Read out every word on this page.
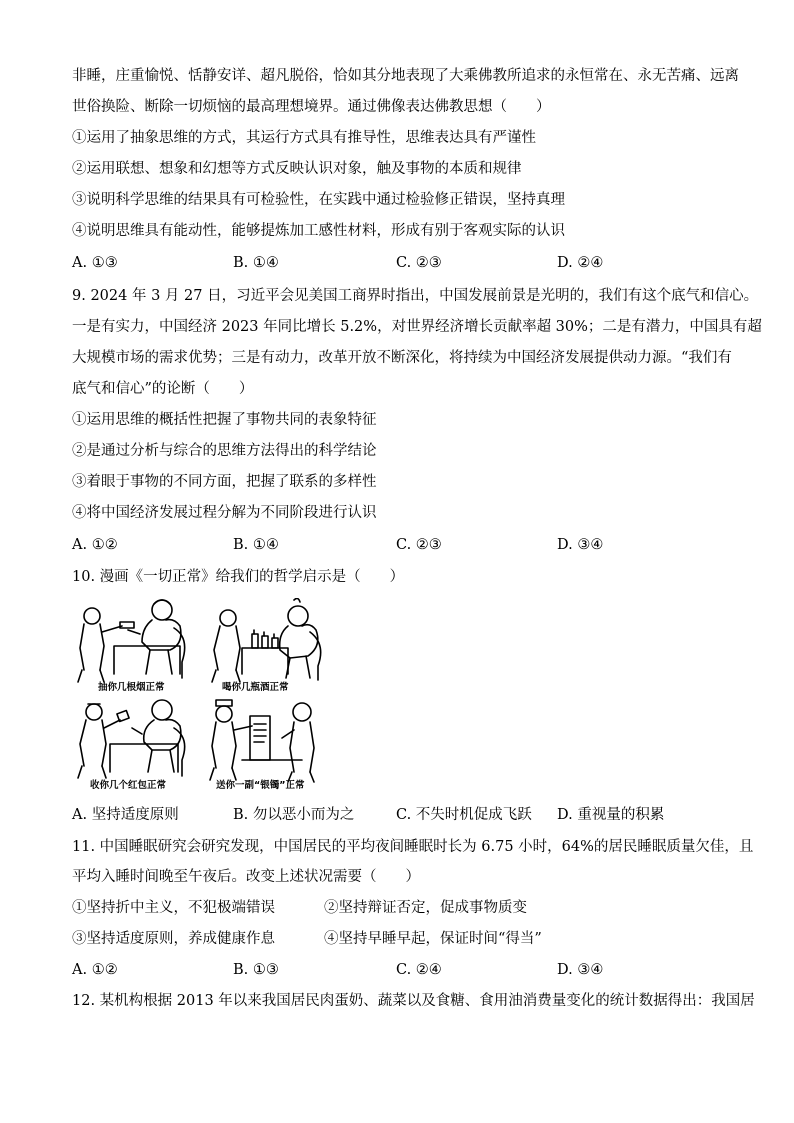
非睡，庄重愉悦、恬静安详、超凡脱俗，恰如其分地表现了大乘佛教所追求的永恒常在、永无苦痛、远离
世俗换险、断除一切烦恼的最高理想境界。通过佛像表达佛教思想（　　）
①运用了抽象思维的方式，其运行方式具有推导性，思维表达具有严谨性
②运用联想、想象和幻想等方式反映认识对象，触及事物的本质和规律
③说明科学思维的结果具有可检验性，在实践中通过检验修正错误，坚持真理
④说明思维具有能动性，能够提炼加工感性材料，形成有别于客观实际的认识
A. ①③	B. ①④	C. ②③	D. ②④
9. 2024 年 3 月 27 日，习近平会见美国工商界时指出，中国发展前景是光明的，我们有这个底气和信心。
一是有实力，中国经济 2023 年同比增长 5.2%，对世界经济增长贡献率超 30%；二是有潜力，中国具有超
大规模市场的需求优势；三是有动力，改革开放不断深化，将持续为中国经济发展提供动力源。“我们有
底气和信心”的论断（　　）
①运用思维的概括性把握了事物共同的表象特征
②是通过分析与综合的思维方法得出的科学结论
③着眼于事物的不同方面，把握了联系的多样性
④将中国经济发展过程分解为不同阶段进行认识
A. ①②	B. ①④	C. ②③	D. ③④
10. 漫画《一切正常》给我们的哲学启示是（　　）
抽你几根烟正常	喝你几瓶酒正常
收你几个红包正常	送你一副“银镯”正常
A. 坚持适度原则	B. 勿以恶小而为之	C. 不失时机促成飞跃 D. 重视量的积累
11. 中国睡眠研究会研究发现，中国居民的平均夜间睡眠时长为 6.75 小时，64%的居民睡眠质量欠佳，且
平均入睡时间晚至午夜后。改变上述状况需要（　　）
①坚持折中主义，不犯极端错误	②坚持辩证否定，促成事物质变
③坚持适度原则，养成健康作息	④坚持早睡早起，保证时间“得当”
A. ①②	B. ①③	C. ②④	D. ③④
12. 某机构根据 2013 年以来我国居民肉蛋奶、蔬菜以及食糖、食用油消费量变化的统计数据得出：我国居
